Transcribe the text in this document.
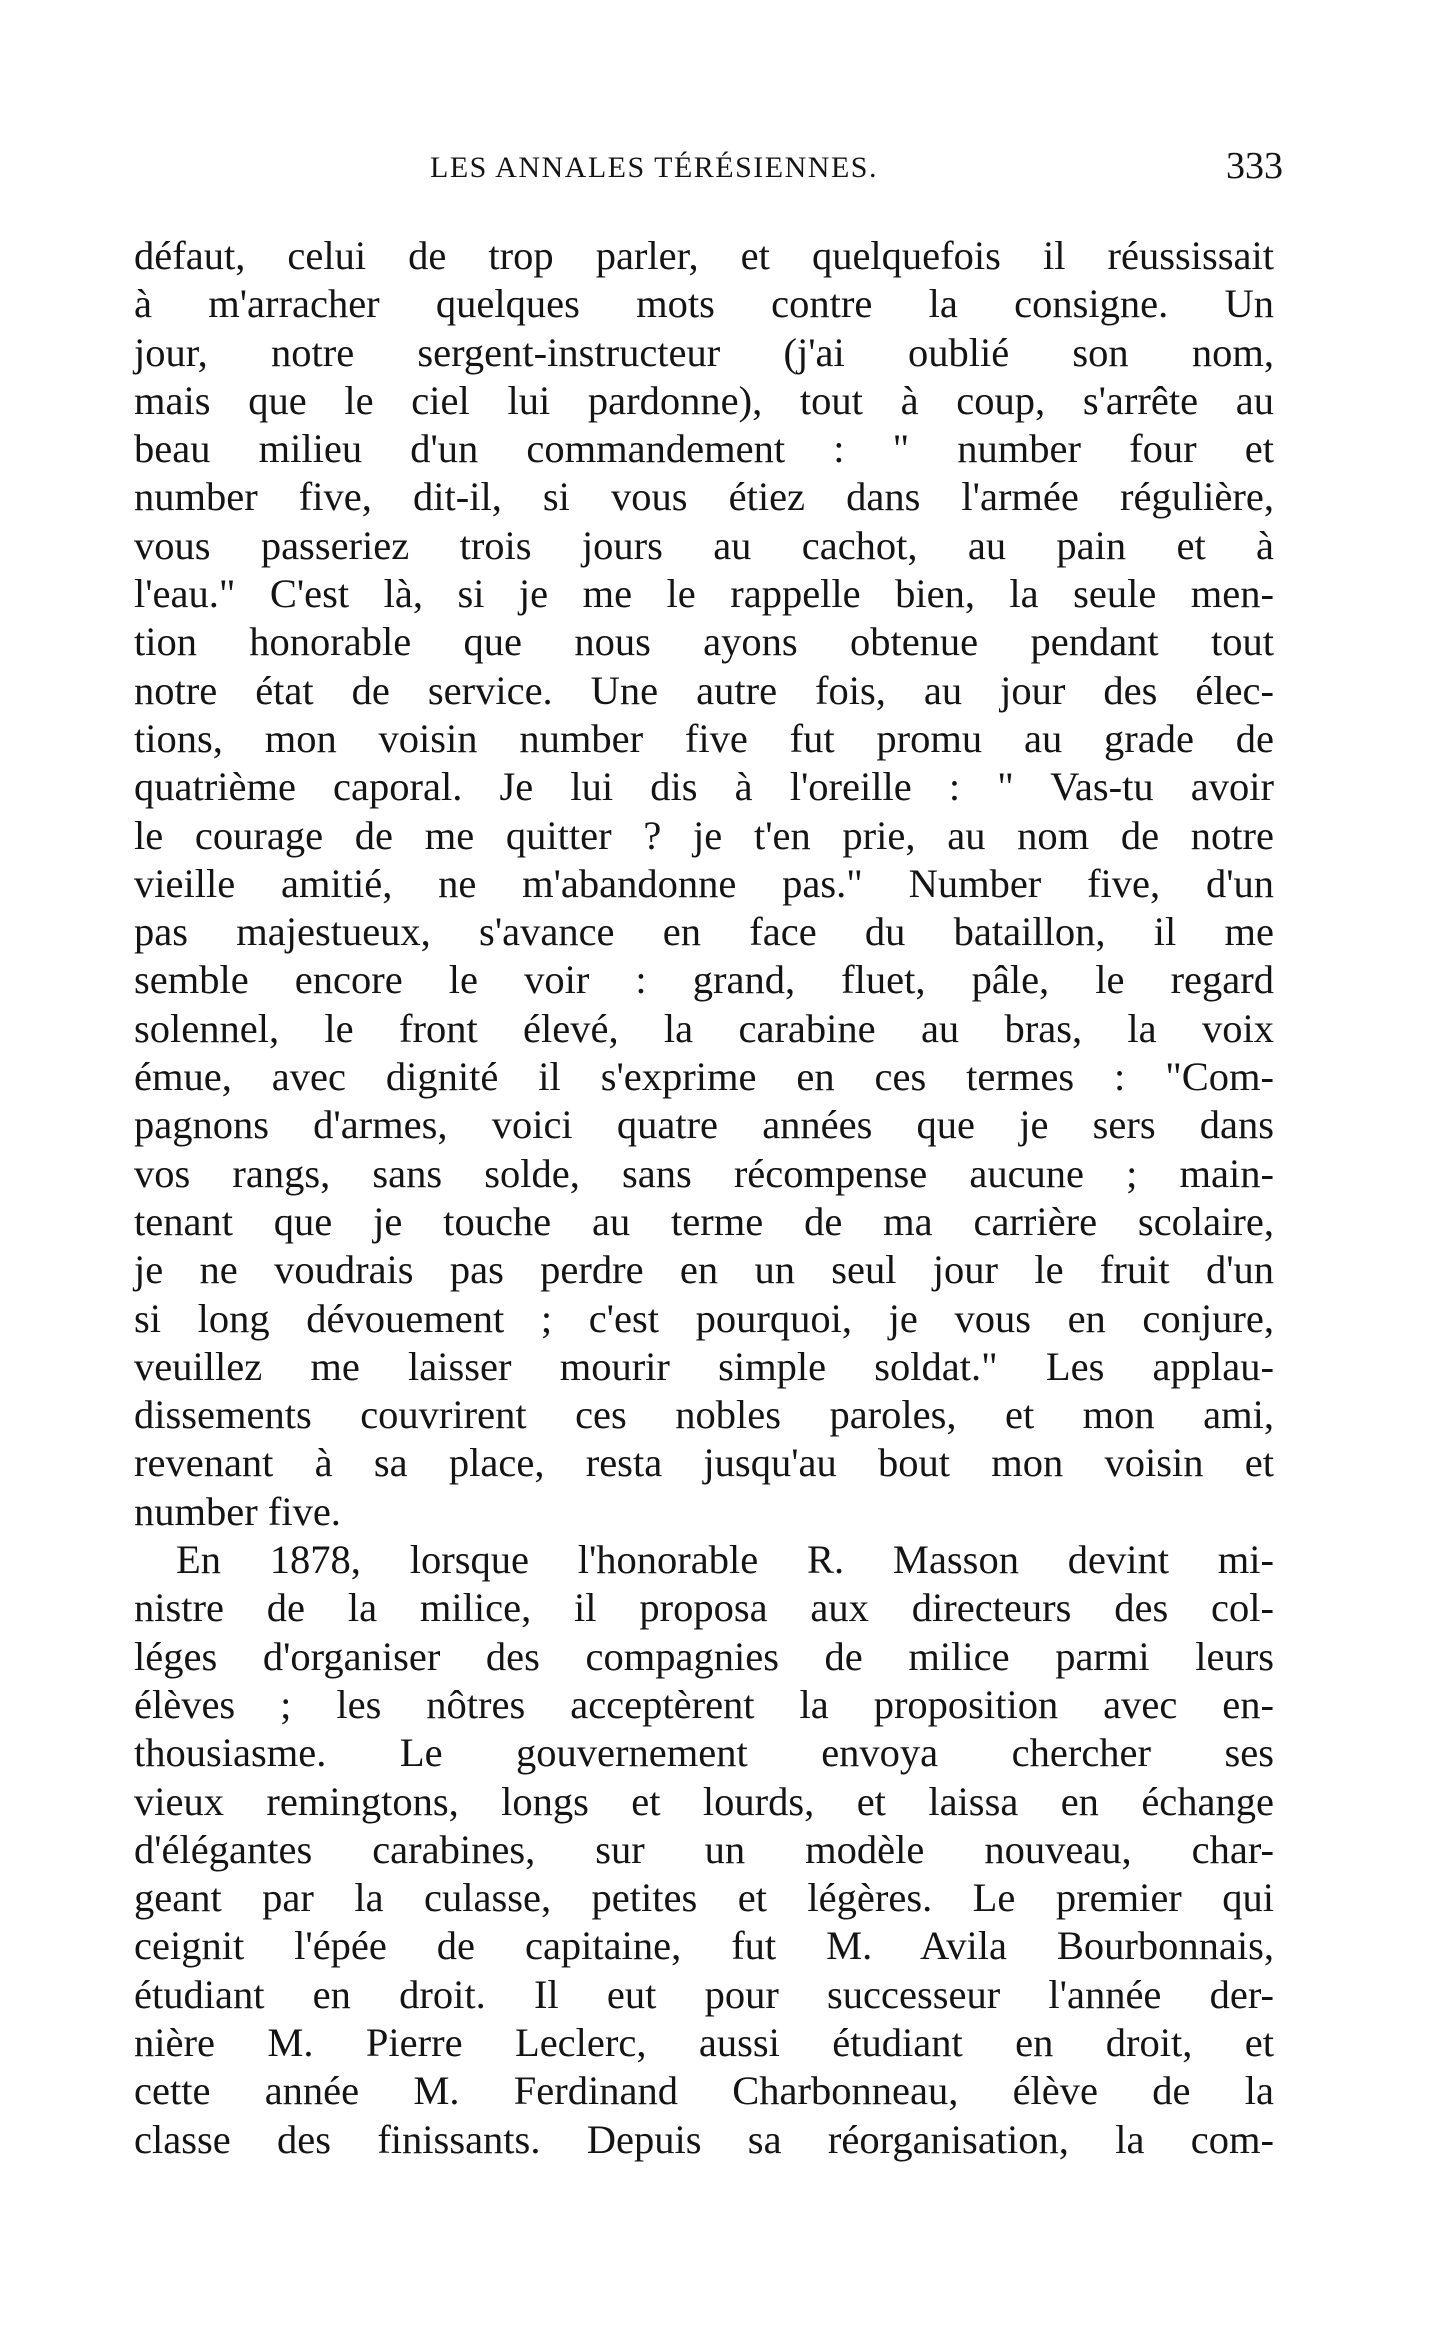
LES ANNALES TÉRÉSIENNES.	333
défaut, celui de trop parler, et quelquefois il réussissait
à m'arracher quelques mots contre la consigne. Un
jour, notre sergent-instructeur (j'ai oublié son nom,
mais que le ciel lui pardonne), tout à coup, s'arrête au
beau milieu d'un commandement : " number four et
number five, dit-il, si vous étiez dans l'armée régulière,
vous passeriez trois jours au cachot, au pain et à
l'eau." C'est là, si je me le rappelle bien, la seule men-
tion honorable que nous ayons obtenue pendant tout
notre état de service. Une autre fois, au jour des élec-
tions, mon voisin number five fut promu au grade de
quatrième caporal. Je lui dis à l'oreille : " Vas-tu avoir
le courage de me quitter ? je t'en prie, au nom de notre
vieille amitié, ne m'abandonne pas." Number five, d'un
pas majestueux, s'avance en face du bataillon, il me
semble encore le voir : grand, fluet, pâle, le regard
solennel, le front élevé, la carabine au bras, la voix
émue, avec dignité il s'exprime en ces termes : "Com-
pagnons d'armes, voici quatre années que je sers dans
vos rangs, sans solde, sans récompense aucune ; main-
tenant que je touche au terme de ma carrière scolaire,
je ne voudrais pas perdre en un seul jour le fruit d'un
si long dévouement ; c'est pourquoi, je vous en conjure,
veuillez me laisser mourir simple soldat." Les applau-
dissements couvrirent ces nobles paroles, et mon ami,
revenant à sa place, resta jusqu'au bout mon voisin et
number five.
En 1878, lorsque l'honorable R. Masson devint mi-
nistre de la milice, il proposa aux directeurs des col-
léges d'organiser des compagnies de milice parmi leurs
élèves ; les nôtres acceptèrent la proposition avec en-
thousiasme. Le gouvernement envoya chercher ses
vieux remingtons, longs et lourds, et laissa en échange
d'élégantes carabines, sur un modèle nouveau, char-
geant par la culasse, petites et légères. Le premier qui
ceignit l'épée de capitaine, fut M. Avila Bourbonnais,
étudiant en droit. Il eut pour successeur l'année der-
nière M. Pierre Leclerc, aussi étudiant en droit, et
cette année M. Ferdinand Charbonneau, élève de la
classe des finissants. Depuis sa réorganisation, la com-
